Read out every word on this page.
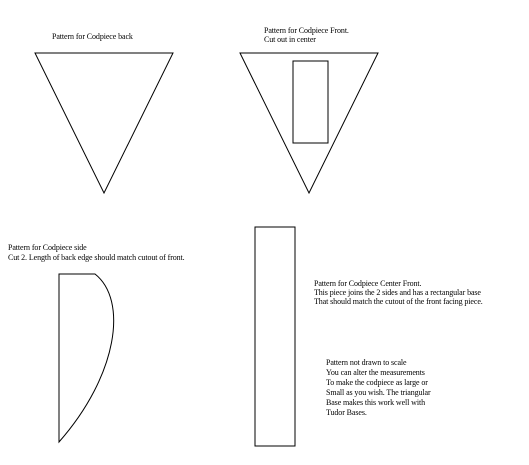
Pattern for Codpiece back
Pattern for Codpiece Front.
Cut out in center
Pattern for Codpiece side
Cut 2. Length of back edge should match cutout of front.
Pattern for Codpiece Center Front.
This piece joins the 2 sides and has a rectangular base
That should match the cutout of the front facing piece.
Pattern not drawn to scale
You can alter the measurements
To make the codpiece as large or
Small as you wish. The triangular
Base makes this work well with
Tudor Bases.
